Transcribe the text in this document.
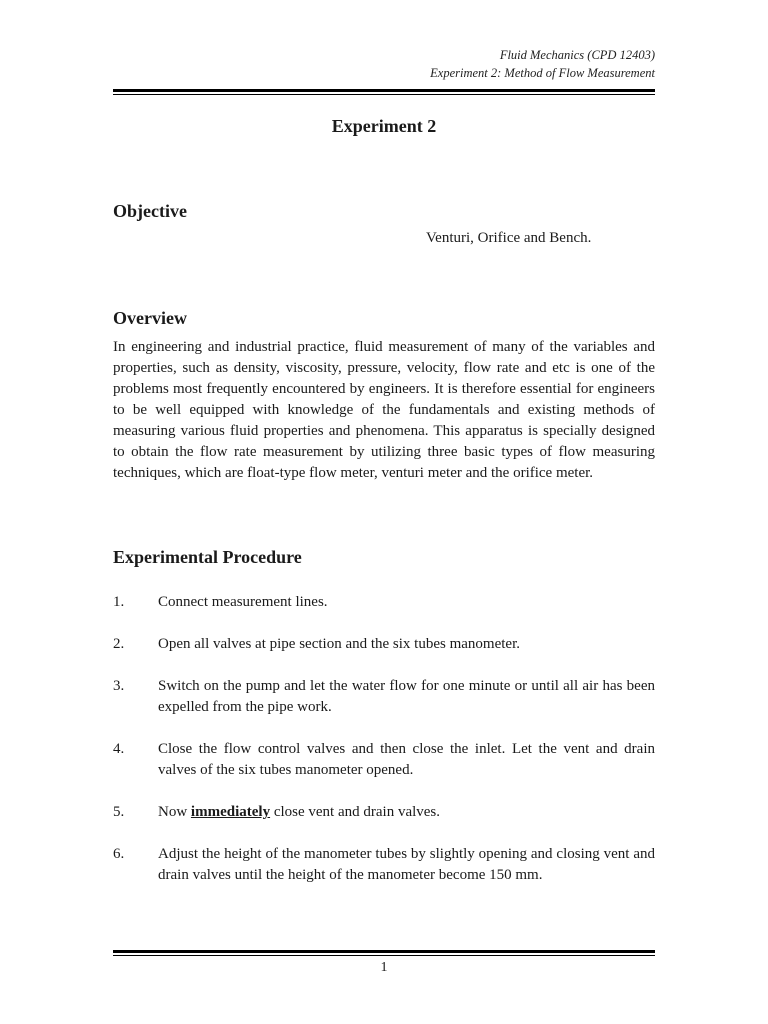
Fluid Mechanics (CPD 12403)
Experiment 2: Method of Flow Measurement
Experiment 2
Objective
Venturi, Orifice and Bench.
Overview
In engineering and industrial practice, fluid measurement of many of the variables and properties, such as density, viscosity, pressure, velocity, flow rate and etc is one of the problems most frequently encountered by engineers. It is therefore essential for engineers to be well equipped with knowledge of the fundamentals and existing methods of measuring various fluid properties and phenomena. This apparatus is specially designed to obtain the flow rate measurement by utilizing three basic types of flow measuring techniques, which are float-type flow meter, venturi meter and the orifice meter.
Experimental Procedure
1.	Connect measurement lines.
2.	Open all valves at pipe section and the six tubes manometer.
3.	Switch on the pump and let the water flow for one minute or until all air has been expelled from the pipe work.
4.	Close the flow control valves and then close the inlet. Let the vent and drain valves of the six tubes manometer opened.
5.	Now immediately close vent and drain valves.
6.	Adjust the height of the manometer tubes by slightly opening and closing vent and drain valves until the height of the manometer become 150 mm.
1
